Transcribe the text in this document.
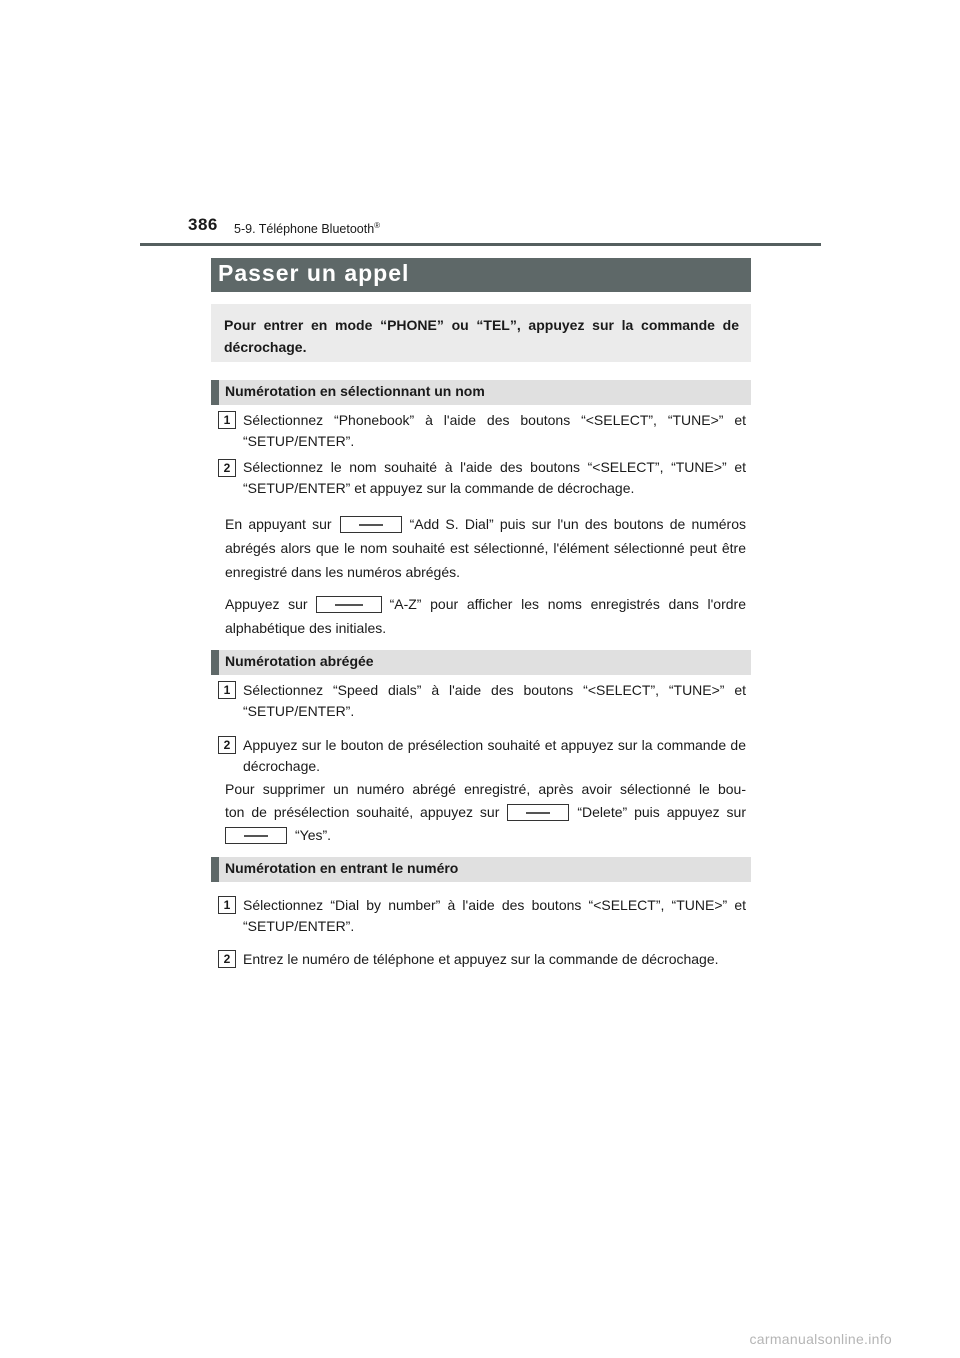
386 5-9. Téléphone Bluetooth®
Passer un appel
Pour entrer en mode “PHONE” ou “TEL”, appuyez sur la commande de décrochage.
Numérotation en sélectionnant un nom
1 Sélectionnez “Phonebook” à l'aide des boutons “<SELECT”, “TUNE>” et “SETUP/ENTER”.
2 Sélectionnez le nom souhaité à l'aide des boutons “<SELECT”, “TUNE>” et “SETUP/ENTER” et appuyez sur la commande de décrochage.
En appuyant sur	“Add S. Dial” puis sur l'un des boutons de numéros abrégés alors que le nom souhaité est sélectionné, l'élément sélectionné peut être enregistré dans les numéros abrégés.
Appuyez sur	“A-Z” pour afficher les noms enregistrés dans l'ordre alphabétique des initiales.
Numérotation abrégée
1 Sélectionnez “Speed dials” à l'aide des boutons “<SELECT”, “TUNE>” et “SETUP/ENTER”.
2 Appuyez sur le bouton de présélection souhaité et appuyez sur la commande de décrochage.
Pour supprimer un numéro abrégé enregistré, après avoir sélectionné le bou-
ton de présélection souhaité, appuyez sur	“Delete” puis appuyez sur
“Yes”.
Numérotation en entrant le numéro
1 Sélectionnez “Dial by number” à l'aide des boutons “<SELECT”, “TUNE>” et “SETUP/ENTER”.
2 Entrez le numéro de téléphone et appuyez sur la commande de décrochage.
carmanualsonline.info
